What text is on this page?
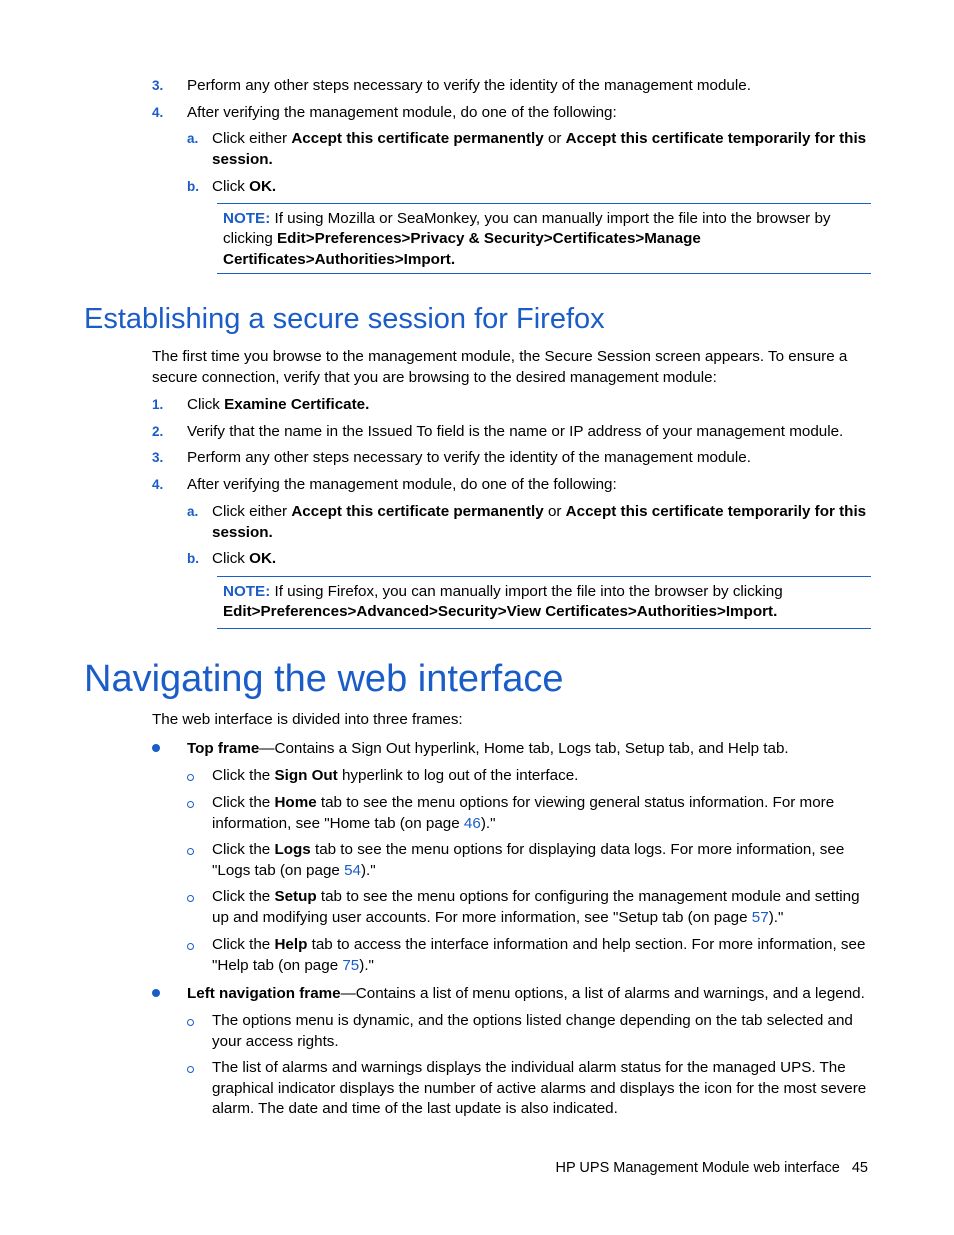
3. Perform any other steps necessary to verify the identity of the management module.
4. After verifying the management module, do one of the following:
a. Click either Accept this certificate permanently or Accept this certificate temporarily for this session.
b. Click OK.
NOTE: If using Mozilla or SeaMonkey, you can manually import the file into the browser by clicking Edit>Preferences>Privacy & Security>Certificates>Manage Certificates>Authorities>Import.
Establishing a secure session for Firefox
The first time you browse to the management module, the Secure Session screen appears. To ensure a secure connection, verify that you are browsing to the desired management module:
1. Click Examine Certificate.
2. Verify that the name in the Issued To field is the name or IP address of your management module.
3. Perform any other steps necessary to verify the identity of the management module.
4. After verifying the management module, do one of the following:
a. Click either Accept this certificate permanently or Accept this certificate temporarily for this session.
b. Click OK.
NOTE: If using Firefox, you can manually import the file into the browser by clicking Edit>Preferences>Advanced>Security>View Certificates>Authorities>Import.
Navigating the web interface
The web interface is divided into three frames:
Top frame—Contains a Sign Out hyperlink, Home tab, Logs tab, Setup tab, and Help tab.
Click the Sign Out hyperlink to log out of the interface.
Click the Home tab to see the menu options for viewing general status information. For more information, see "Home tab (on page 46)."
Click the Logs tab to see the menu options for displaying data logs. For more information, see "Logs tab (on page 54)."
Click the Setup tab to see the menu options for configuring the management module and setting up and modifying user accounts. For more information, see "Setup tab (on page 57)."
Click the Help tab to access the interface information and help section. For more information, see "Help tab (on page 75)."
Left navigation frame—Contains a list of menu options, a list of alarms and warnings, and a legend.
The options menu is dynamic, and the options listed change depending on the tab selected and your access rights.
The list of alarms and warnings displays the individual alarm status for the managed UPS. The graphical indicator displays the number of active alarms and displays the icon for the most severe alarm. The date and time of the last update is also indicated.
HP UPS Management Module web interface 45
